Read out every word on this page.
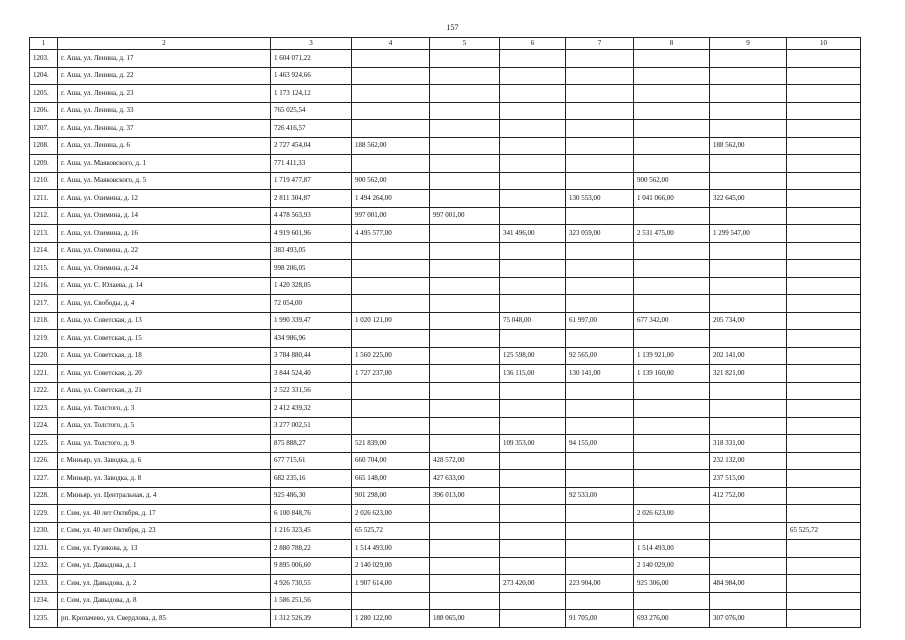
157
1	2	3	4	5	6	7	8	9	10
1203.	г. Аша, ул. Ленина, д. 17	1 604 071,22							
1204.	г. Аша, ул. Ленина, д. 22	1 463 924,66							
1205.	г. Аша, ул. Ленина, д. 23	1 173 124,12							
1206.	г. Аша, ул. Ленина, д. 33	765 025,54							
1207.	г. Аша, ул. Ленина, д. 37	726 416,57							
1208.	г. Аша, ул. Ленина, д. 6	2 727 454,04	188 562,00					188 562,00	
1209.	г. Аша, ул. Маяковского, д. 1	771 411,33							
1210.	г. Аша, ул. Маяковского, д. 5	1 719 477,87	900 562,00				900 562,00		
1211.	г. Аша, ул. Озимина, д. 12	2 811 304,87	1 494 264,00			130 553,00	1 041 066,00	322 645,00	
1212.	г. Аша, ул. Озимина, д. 14	4 478 563,93	997 001,00	997 001,00					
1213.	г. Аша, ул. Озимина, д. 16	4 919 601,96	4 495 577,00		341 496,00	323 059,00	2 531 475,00	1 299 547,00	
1214.	г. Аша, ул. Озимина, д. 22	383 493,05							
1215.	г. Аша, ул. Озимина, д. 24	998 206,05							
1216.	г. Аша, ул. С. Юлаева, д. 14	1 420 328,05							
1217.	г. Аша, ул. Свободы, д. 4	72 054,00							
1218.	г. Аша, ул. Советская, д. 13	1 990 339,47	1 020 121,00		75 048,00	61 997,00	677 342,00	205 734,00	
1219.	г. Аша, ул. Советская, д. 15	434 986,96							
1220.	г. Аша, ул. Советская, д. 18	3 784 880,44	1 560 225,00		125 598,00	92 565,00	1 139 921,00	202 141,00	
1221.	г. Аша, ул. Советская, д. 20	3 844 524,40	1 727 237,00		136 115,00	130 141,00	1 139 160,00	321 821,00	
1222.	г. Аша, ул. Советская, д. 21	2 522 331,56							
1223.	г. Аша, ул. Толстого, д. 3	2 412 439,32							
1224.	г. Аша, ул. Толстого, д. 5	3 277 002,51							
1225.	г. Аша, ул. Толстого, д. 9	875 888,27	521 839,00		109 353,00	94 155,00		318 331,00	
1226.	г. Миньяр, ул. Заводка, д. 6	677 715,61	660 704,00	428 572,00				232 132,00	
1227.	г. Миньяр, ул. Заводка, д. 8	682 235,16	665 148,00	427 633,00				237 515,00	
1228.	г. Миньяр, ул. Центральная, д. 4	925 486,30	901 298,00	396 013,00		92 533,00		412 752,00	
1229.	г. Сим, ул. 40 лет Октября, д. 17	6 100 848,76	2 026 623,00				2 026 623,00		
1230.	г. Сим, ул. 40 лет Октября, д. 23	1 216 323,45	65 525,72						65 525,72
1231.	г. Сим, ул. Гузикова, д. 13	2 880 788,22	1 514 493,00				1 514 493,00		
1232.	г. Сим, ул. Давыдова, д. 1	9 895 006,60	2 140 029,00				2 140 029,00		
1233.	г. Сим, ул. Давыдова, д. 2	4 926 730,55	1 907 614,00		273 420,00	223 904,00	925 306,00	484 984,00	
1234.	г. Сим, ул. Давыдова, д. 8	1 586 251,56							
1235.	рп. Кропачево, ул. Свердлова, д. 85	1 312 526,39	1 280 122,00	188 065,00		91 705,00	693 276,00	307 076,00	
